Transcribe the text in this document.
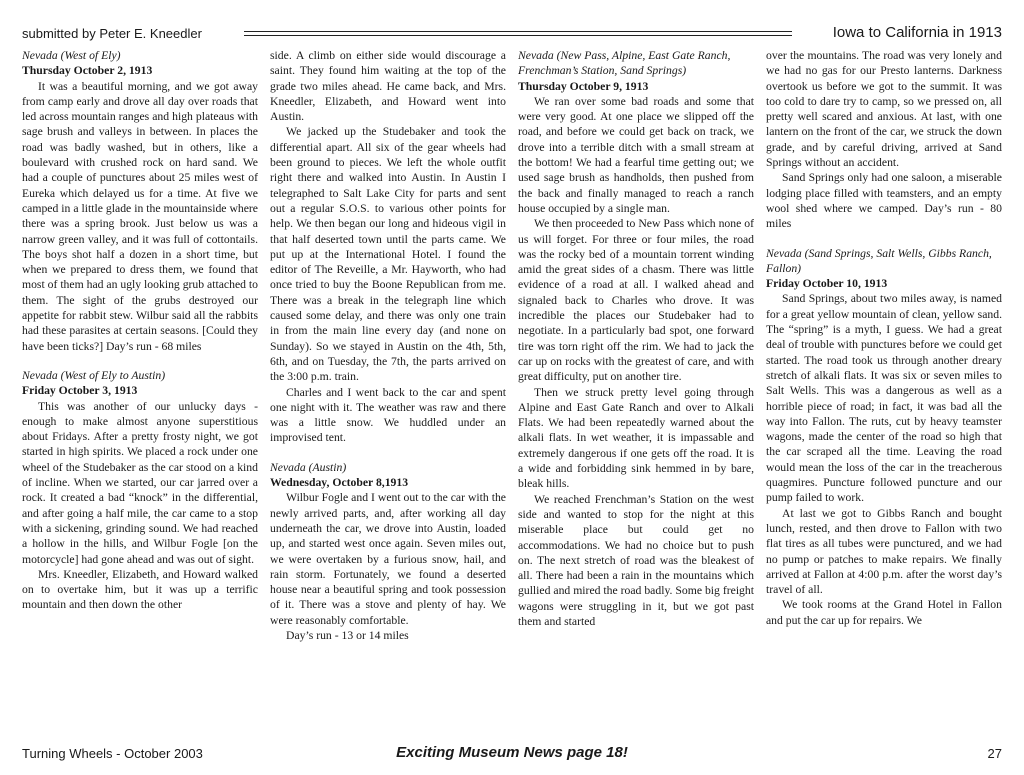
submitted by Peter E. Kneedler	Iowa to California in 1913

Nevada (West of Ely)

Thursday October 2, 1913

It was a beautiful morning, and we got away from camp early and drove all day over roads that led across mountain ranges and high plateaus with sage brush and valleys in between. In places the road was badly washed, but in others, like a boulevard with crushed rock on hard sand. We had a couple of punctures about 25 miles west of Eureka which delayed us for a time. At five we camped in a little glade in the mountainside where there was a spring brook. Just below us was a narrow green valley, and it was full of cottontails. The boys shot half a dozen in a short time, but when we prepared to dress them, we found that most of them had an ugly looking grub attached to them. The sight of the grubs destroyed our appetite for rabbit stew. Wilbur said all the rabbits had these parasites at certain seasons. [Could they have been ticks?] Day’s run - 68 miles

Nevada (West of Ely to Austin)

Friday October 3, 1913

This was another of our unlucky days - enough to make almost anyone superstitious about Fridays. After a pretty frosty night, we got started in high spirits. We placed a rock under one wheel of the Studebaker as the car stood on a kind of incline. When we started, our car jarred over a rock. It created a bad “knock” in the differential, and after going a half mile, the car came to a stop with a sickening, grinding sound. We had reached a hollow in the hills, and Wilbur Fogle [on the motorcycle] had gone ahead and was out of sight.

Mrs. Kneedler, Elizabeth, and Howard walked on to overtake him, but it was up a terrific mountain and then down the other

side. A climb on either side would discourage a saint. They found him waiting at the top of the grade two miles ahead. He came back, and Mrs. Kneedler, Elizabeth, and Howard went into Austin.

We jacked up the Studebaker and took the differential apart. All six of the gear wheels had been ground to pieces. We left the whole outfit right there and walked into Austin. In Austin I telegraphed to Salt Lake City for parts and sent out a regular S.O.S. to various other points for help. We then began our long and hideous vigil in that half deserted town until the parts came. We put up at the International Hotel. I found the editor of The Reveille, a Mr. Hayworth, who had once tried to buy the Boone Republican from me. There was a break in the telegraph line which caused some delay, and there was only one train in from the main line every day (and none on Sunday). So we stayed in Austin on the 4th, 5th, 6th, and on Tuesday, the 7th, the parts arrived on the 3:00 p.m. train.

Charles and I went back to the car and spent one night with it. The weather was raw and there was a little snow. We huddled under an improvised tent.

Nevada (Austin)

Wednesday, October 8,1913

Wilbur Fogle and I went out to the car with the newly arrived parts, and, after working all day underneath the car, we drove into Austin, loaded up, and started west once again. Seven miles out, we were overtaken by a furious snow, hail, and rain storm. Fortunately, we found a deserted house near a beautiful spring and took possession of it. There was a stove and plenty of hay. We were reasonably comfortable.

Day’s run - 13 or 14 miles

Nevada (New Pass, Alpine, East Gate Ranch, Frenchman’s Station, Sand Springs)

Thursday October 9, 1913

We ran over some bad roads and some that were very good. At one place we slipped off the road, and before we could get back on track, we drove into a terrible ditch with a small stream at the bottom! We had a fearful time getting out; we used sage brush as handholds, then pushed from the back and finally managed to reach a ranch house occupied by a single man.

We then proceeded to New Pass which none of us will forget. For three or four miles, the road was the rocky bed of a mountain torrent winding amid the great sides of a chasm. There was little evidence of a road at all. I walked ahead and signaled back to Charles who drove. It was incredible the places our Studebaker had to negotiate. In a particularly bad spot, one forward tire was torn right off the rim. We had to jack the car up on rocks with the greatest of care, and with great difficulty, put on another tire.

Then we struck pretty level going through Alpine and East Gate Ranch and over to Alkali Flats. We had been repeatedly warned about the alkali flats. In wet weather, it is impassable and extremely dangerous if one gets off the road. It is a wide and forbidding sink hemmed in by bare, bleak hills.

We reached Frenchman’s Station on the west side and wanted to stop for the night at this miserable place but could get no accommodations. We had no choice but to push on. The next stretch of road was the bleakest of all. There had been a rain in the mountains which gullied and mired the road badly. Some big freight wagons were struggling in it, but we got past them and started

over the mountains. The road was very lonely and we had no gas for our Presto lanterns. Darkness overtook us before we got to the summit. It was too cold to dare try to camp, so we pressed on, all pretty well scared and anxious. At last, with one lantern on the front of the car, we struck the down grade, and by careful driving, arrived at Sand Springs without an accident.

Sand Springs only had one saloon, a miserable lodging place filled with teamsters, and an empty wool shed where we camped. Day’s run - 80 miles

Nevada (Sand Springs, Salt Wells, Gibbs Ranch, Fallon)

Friday October 10, 1913

Sand Springs, about two miles away, is named for a great yellow mountain of clean, yellow sand. The “spring” is a myth, I guess. We had a great deal of trouble with punctures before we could get started. The road took us through another dreary stretch of alkali flats. It was six or seven miles to Salt Wells. This was a dangerous as well as a horrible piece of road; in fact, it was bad all the way into Fallon. The ruts, cut by heavy teamster wagons, made the center of the road so high that the car scraped all the time. Leaving the road would mean the loss of the car in the treacherous quagmires. Puncture followed puncture and our pump failed to work.

At last we got to Gibbs Ranch and bought lunch, rested, and then drove to Fallon with two flat tires as all tubes were punctured, and we had no pump or patches to make repairs. We finally arrived at Fallon at 4:00 p.m. after the worst day’s travel of all.

We took rooms at the Grand Hotel in Fallon and put the car up for repairs. We

Turning Wheels - October 2003	Exciting Museum News page 18!	27
